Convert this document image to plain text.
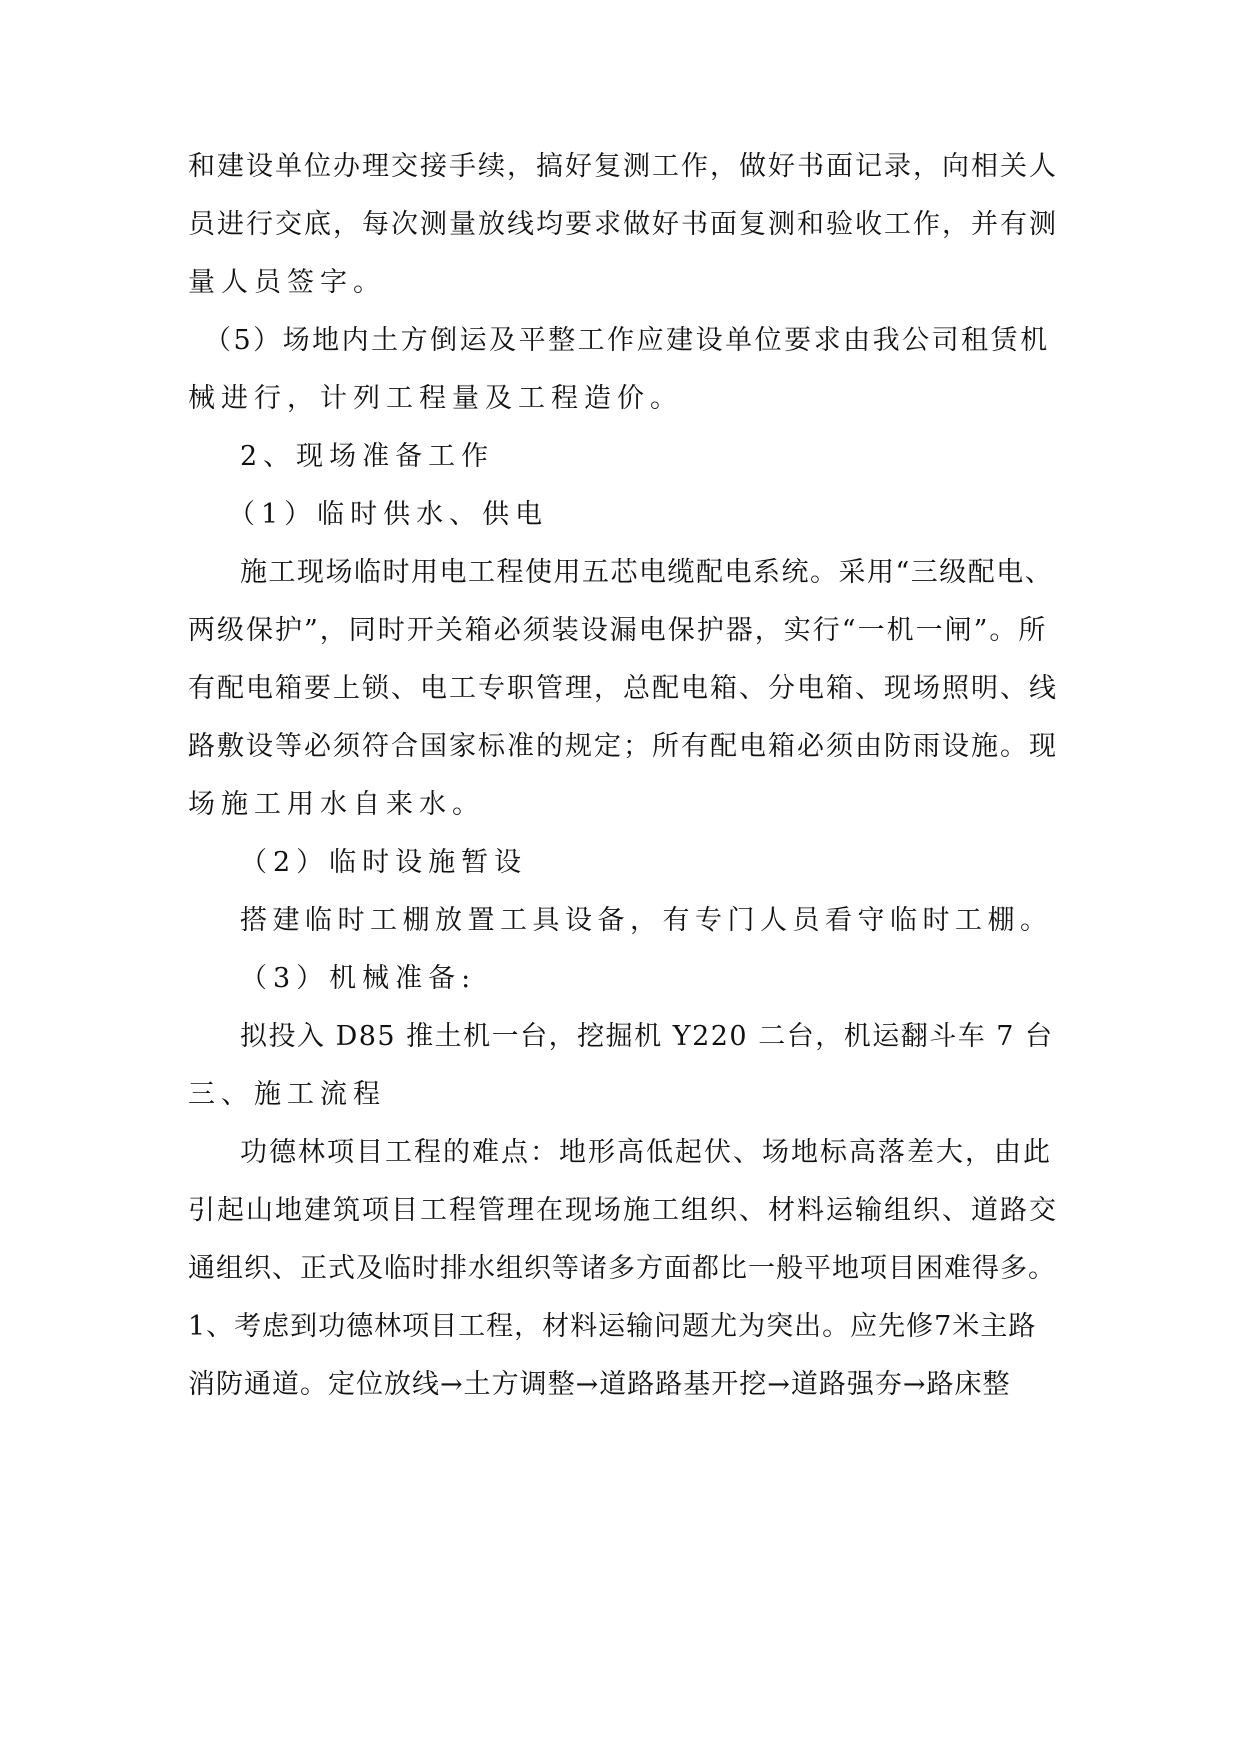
和建设单位办理交接手续，搞好复测工作，做好书面记录，向相关人
员进行交底，每次测量放线均要求做好书面复测和验收工作，并有测
量人员签字。
（5）场地内土方倒运及平整工作应建设单位要求由我公司租赁机
械进行，计列工程量及工程造价。
2、现场准备工作
（1）临时供水、供电
施工现场临时用电工程使用五芯电缆配电系统。采用“三级配电、
两级保护”，同时开关箱必须装设漏电保护器，实行“一机一闸”。所
有配电箱要上锁、电工专职管理，总配电箱、分电箱、现场照明、线
路敷设等必须符合国家标准的规定；所有配电箱必须由防雨设施。现
场施工用水自来水。
（2）临时设施暂设
搭建临时工棚放置工具设备，有专门人员看守临时工棚。
（3）机械准备:
拟投入 D85 推土机一台，挖掘机 Y220 二台，机运翻斗车 7 台
三、施工流程
功德林项目工程的难点：地形高低起伏、场地标高落差大，由此
引起山地建筑项目工程管理在现场施工组织、材料运输组织、道路交
通组织、正式及临时排水组织等诸多方面都比一般平地项目困难得多。
1、考虑到功德林项目工程，材料运输问题尤为突出。应先修7米主路
消防通道。定位放线→土方调整→道路路基开挖→道路强夯→路床整
